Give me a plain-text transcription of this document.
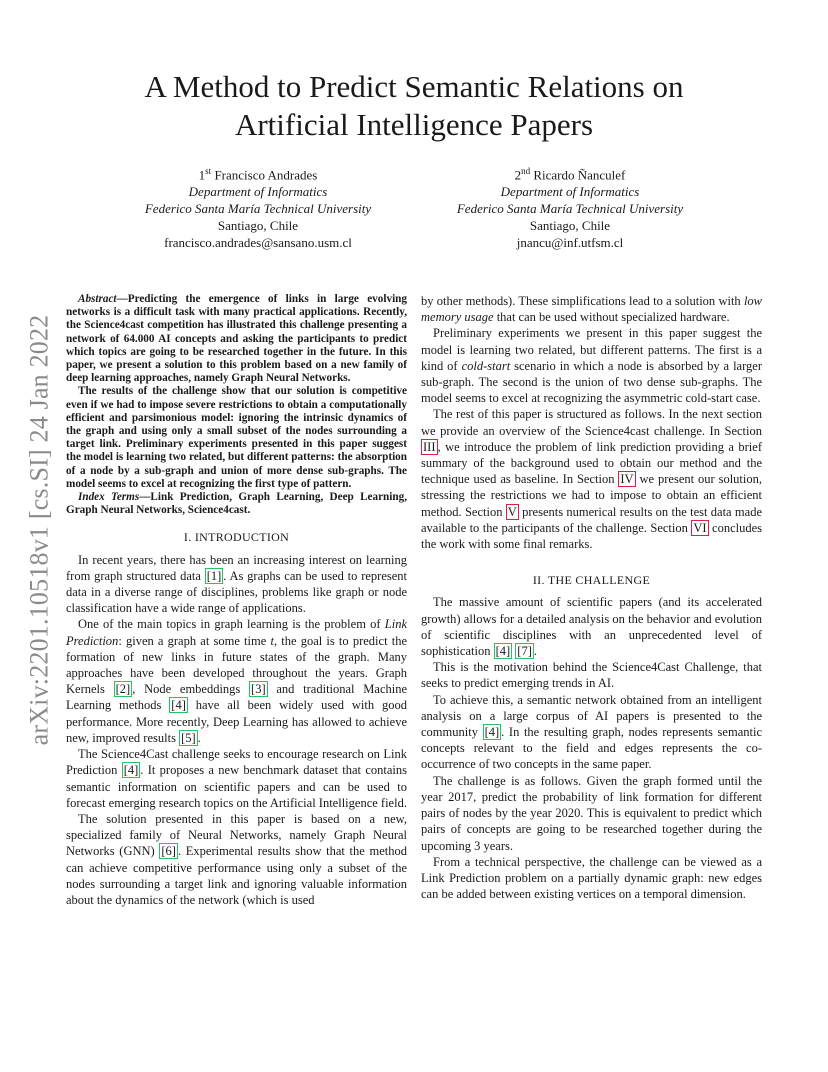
arXiv:2201.10518v1 [cs.SI] 24 Jan 2022
A Method to Predict Semantic Relations on
Artificial Intelligence Papers
1st Francisco Andrades
Department of Informatics
Federico Santa María Technical University
Santiago, Chile
francisco.andrades@sansano.usm.cl
2nd Ricardo Ñanculef
Department of Informatics
Federico Santa María Technical University
Santiago, Chile
jnancu@inf.utfsm.cl

Abstract—Predicting the emergence of links in large evolving networks is a difficult task with many practical applications. Recently, the Science4cast competition has illustrated this challenge presenting a network of 64.000 AI concepts and asking the participants to predict which topics are going to be researched together in the future. In this paper, we present a solution to this problem based on a new family of deep learning approaches, namely Graph Neural Networks.

The results of the challenge show that our solution is competitive even if we had to impose severe restrictions to obtain a computationally efficient and parsimonious model: ignoring the intrinsic dynamics of the graph and using only a small subset of the nodes surrounding a target link. Preliminary experiments presented in this paper suggest the model is learning two related, but different patterns: the absorption of a node by a sub-graph and union of more dense sub-graphs. The model seems to excel at recognizing the first type of pattern.

Index Terms—Link Prediction, Graph Learning, Deep Learning, Graph Neural Networks, Science4cast.

I. INTRODUCTION

In recent years, there has been an increasing interest on learning from graph structured data [1] . As graphs can be used to represent data in a diverse range of disciplines, problems like graph or node classification have a wide range of applications.

One of the main topics in graph learning is the problem of Link Prediction: given a graph at some time t, the goal is to predict the formation of new links in future states of the graph. Many approaches have been developed throughout the years. Graph Kernels [2] , Node embeddings [3] and traditional Machine Learning methods [4] have all been widely used with good performance. More recently, Deep Learning has allowed to achieve new, improved results [5] .

The Science4Cast challenge seeks to encourage research on Link Prediction [4] . It proposes a new benchmark dataset that contains semantic information on scientific papers and can be used to forecast emerging research topics on the Artificial Intelligence field.

The solution presented in this paper is based on a new, specialized family of Neural Networks, namely Graph Neural Networks (GNN) [6] . Experimental results show that the method can achieve competitive performance using only a subset of the nodes surrounding a target link and ignoring valuable information about the dynamics of the network (which is used

by other methods). These simplifications lead to a solution with low memory usage that can be used without specialized hardware.

Preliminary experiments we present in this paper suggest the model is learning two related, but different patterns. The first is a kind of cold-start scenario in which a node is absorbed by a larger sub-graph. The second is the union of two dense sub-graphs. The model seems to excel at recognizing the asymmetric cold-start case.

The rest of this paper is structured as follows. In the next section we provide an overview of the Science4cast challenge. In Section III , we introduce the problem of link prediction providing a brief summary of the background used to obtain our method and the technique used as baseline. In Section IV we present our solution, stressing the restrictions we had to impose to obtain an efficient method. Section V presents numerical results on the test data made available to the participants of the challenge. Section VI concludes the work with some final remarks.

II. THE CHALLENGE

The massive amount of scientific papers (and its accelerated growth) allows for a detailed analysis on the behavior and evolution of scientific disciplines with an unprecedented level of sophistication [4] [7] .

This is the motivation behind the Science4Cast Challenge, that seeks to predict emerging trends in AI.

To achieve this, a semantic network obtained from an intelligent analysis on a large corpus of AI papers is presented to the community [4] . In the resulting graph, nodes represents semantic concepts relevant to the field and edges represents the co-occurrence of two concepts in the same paper.

The challenge is as follows. Given the graph formed until the year 2017, predict the probability of link formation for different pairs of nodes by the year 2020. This is equivalent to predict which pairs of concepts are going to be researched together during the upcoming 3 years.

From a technical perspective, the challenge can be viewed as a Link Prediction problem on a partially dynamic graph: new edges can be added between existing vertices on a temporal dimension.
